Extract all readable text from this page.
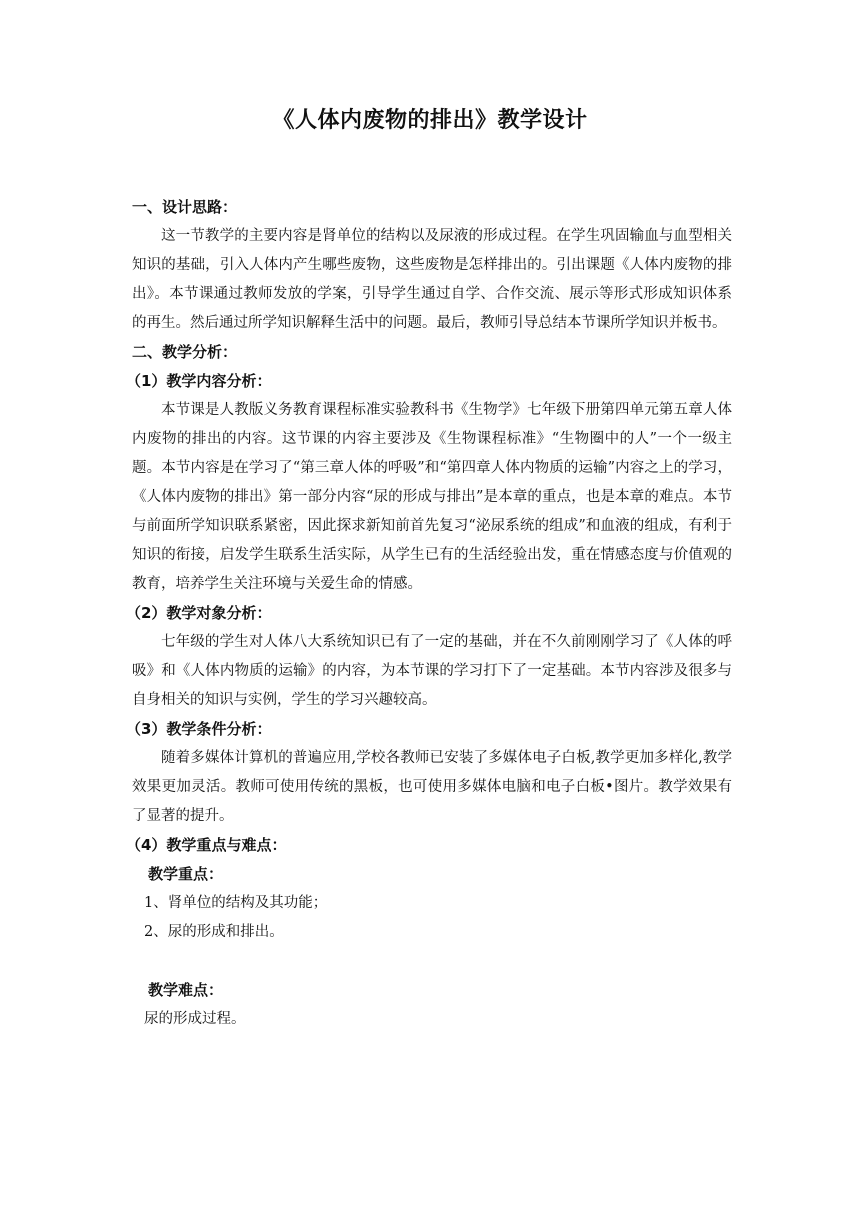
《人体内废物的排出》教学设计

一、设计思路：

这一节教学的主要内容是肾单位的结构以及尿液的形成过程。在学生巩固输血与血型相关知识的基础，引入人体内产生哪些废物，这些废物是怎样排出的。引出课题《人体内废物的排出》。本节课通过教师发放的学案，引导学生通过自学、合作交流、展示等形式形成知识体系的再生。然后通过所学知识解释生活中的问题。最后，教师引导总结本节课所学知识并板书。

二、教学分析：

（1）教学内容分析：

本节课是人教版义务教育课程标准实验教科书《生物学》七年级下册第四单元第五章人体内废物的排出的内容。这节课的内容主要涉及《生物课程标准》“生物圈中的人”一个一级主题。本节内容是在学习了“第三章人体的呼吸”和“第四章人体内物质的运输”内容之上的学习，《人体内废物的排出》第一部分内容“尿的形成与排出”是本章的重点，也是本章的难点。本节与前面所学知识联系紧密，因此探求新知前首先复习“泌尿系统的组成”和血液的组成，有利于知识的衔接，启发学生联系生活实际，从学生已有的生活经验出发，重在情感态度与价值观的教育，培养学生关注环境与关爱生命的情感。

（2）教学对象分析：

七年级的学生对人体八大系统知识已有了一定的基础，并在不久前刚刚学习了《人体的呼吸》和《人体内物质的运输》的内容，为本节课的学习打下了一定基础。本节内容涉及很多与自身相关的知识与实例，学生的学习兴趣较高。

（3）教学条件分析：

随着多媒体计算机的普遍应用,学校各教师已安装了多媒体电子白板,教学更加多样化,教学效果更加灵活。教师可使用传统的黑板，也可使用多媒体电脑和电子白板•图片。教学效果有了显著的提升。

（4）教学重点与难点：

教学重点：

1、肾单位的结构及其功能；

2、尿的形成和排出。

教学难点：

尿的形成过程。
